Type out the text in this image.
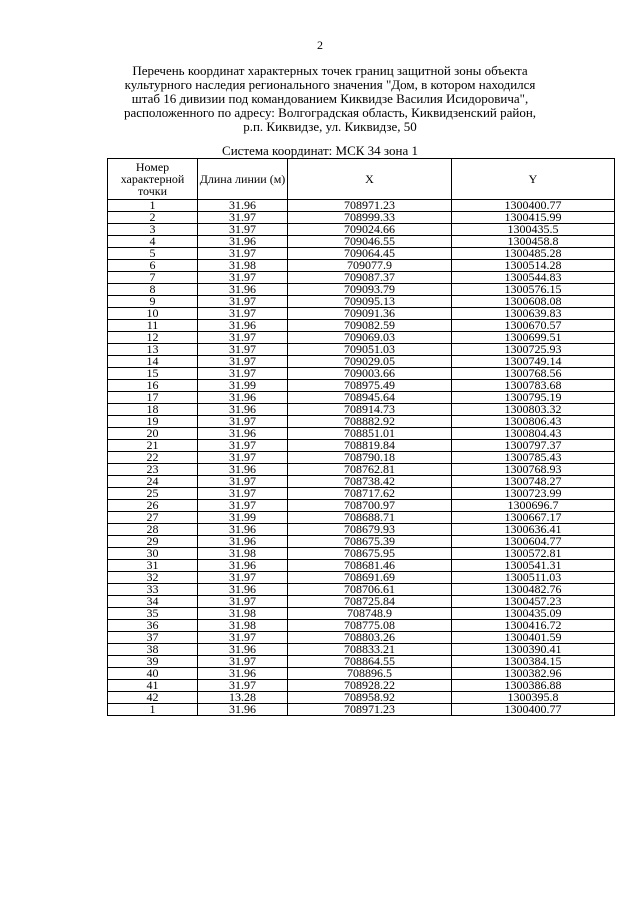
2
Перечень координат характерных точек границ защитной зоны объекта
культурного наследия регионального значения "Дом, в котором находился
штаб 16 дивизии под командованием Киквидзе Василия Исидоровича",
расположенного по адресу: Волгоградская область, Киквидзенский район,
р.п. Киквидзе, ул. Киквидзе, 50
Система координат: МСК 34 зона 1
Номер характерной точки	Длина линии (м)	X	Y
1	31.96	708971.23	1300400.77
2	31.97	708999.33	1300415.99
3	31.97	709024.66	1300435.5
4	31.96	709046.55	1300458.8
5	31.97	709064.45	1300485.28
6	31.98	709077.9	1300514.28
7	31.97	709087.37	1300544.83
8	31.96	709093.79	1300576.15
9	31.97	709095.13	1300608.08
10	31.97	709091.36	1300639.83
11	31.96	709082.59	1300670.57
12	31.97	709069.03	1300699.51
13	31.97	709051.03	1300725.93
14	31.97	709029.05	1300749.14
15	31.97	709003.66	1300768.56
16	31.99	708975.49	1300783.68
17	31.96	708945.64	1300795.19
18	31.96	708914.73	1300803.32
19	31.97	708882.92	1300806.43
20	31.96	708851.01	1300804.43
21	31.97	708819.84	1300797.37
22	31.97	708790.18	1300785.43
23	31.96	708762.81	1300768.93
24	31.97	708738.42	1300748.27
25	31.97	708717.62	1300723.99
26	31.97	708700.97	1300696.7
27	31.99	708688.71	1300667.17
28	31.96	708679.93	1300636.41
29	31.96	708675.39	1300604.77
30	31.98	708675.95	1300572.81
31	31.96	708681.46	1300541.31
32	31.97	708691.69	1300511.03
33	31.96	708706.61	1300482.76
34	31.97	708725.84	1300457.23
35	31.98	708748.9	1300435.09
36	31.98	708775.08	1300416.72
37	31.97	708803.26	1300401.59
38	31.96	708833.21	1300390.41
39	31.97	708864.55	1300384.15
40	31.96	708896.5	1300382.96
41	31.97	708928.22	1300386.88
42	13.28	708958.92	1300395.8
1	31.96	708971.23	1300400.77
